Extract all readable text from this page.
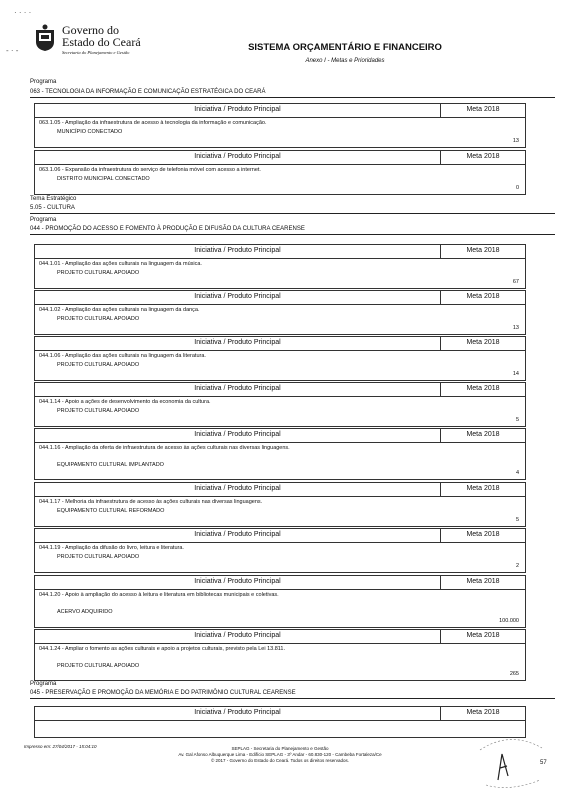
· · · ·
- · -
Governo do
Estado do Ceará
Secretaria do Planejamento e Gestão	SISTEMA ORÇAMENTÁRIO E FINANCEIRO
Anexo I - Metas e Prioridades
Programa
063 - TECNOLOGIA DA INFORMAÇÃO E COMUNICAÇÃO ESTRATÉGICA DO CEARÁ
Iniciativa / Produto Principal	Meta 2018
063.1.05 - Ampliação da infraestrutura de acesso à tecnologia da informação e comunicação.
MUNICÍPIO CONECTADO
13
Iniciativa / Produto Principal	Meta 2018
063.1.06 - Expansão da infraestrutura do serviço de telefonia móvel com acesso a internet.
DISTRITO MUNICIPAL CONECTADO
0
Tema Estratégico
5.05 - CULTURA
Programa
044 - PROMOÇÃO DO ACESSO E FOMENTO À PRODUÇÃO E DIFUSÃO DA CULTURA CEARENSE
Iniciativa / Produto Principal	Meta 2018
044.1.01 - Ampliação das ações culturais na linguagem da música.
PROJETO CULTURAL APOIADO
67
Iniciativa / Produto Principal	Meta 2018
044.1.02 - Ampliação das ações culturais na linguagem da dança.
PROJETO CULTURAL APOIADO
13
Iniciativa / Produto Principal	Meta 2018
044.1.06 - Ampliação das ações culturais na linguagem da literatura.
PROJETO CULTURAL APOIADO
14
Iniciativa / Produto Principal	Meta 2018
044.1.14 - Apoio a ações de desenvolvimento da economia da cultura.
PROJETO CULTURAL APOIADO
5
Iniciativa / Produto Principal	Meta 2018
044.1.16 - Ampliação da oferta de infraestrutura de acesso às ações culturais nas diversas linguagens.
EQUIPAMENTO CULTURAL IMPLANTADO
4
Iniciativa / Produto Principal	Meta 2018
044.1.17 - Melhoria da infraestrutura de acesso às ações culturais nas diversas linguagens.
EQUIPAMENTO CULTURAL REFORMADO
5
Iniciativa / Produto Principal	Meta 2018
044.1.19 - Ampliação da difusão do livro, leitura e literatura.
PROJETO CULTURAL APOIADO
2
Iniciativa / Produto Principal	Meta 2018
044.1.20 - Apoio à ampliação do acesso à leitura e literatura em bibliotecas municipais e coletivas.
ACERVO ADQUIRIDO
100.000
Iniciativa / Produto Principal	Meta 2018
044.1.24 - Ampliar o fomento as ações culturais e apoio a projetos culturais, previsto pela Lei 13.811.
PROJETO CULTURAL APOIADO
265
Programa
045 - PRESERVAÇÃO E PROMOÇÃO DA MEMÓRIA E DO PATRIMÔNIO CULTURAL CEARENSE
Iniciativa / Produto Principal	Meta 2018
Impresso em: 27/04/2017 - 15:04:10	SEPLAG - Secretaria do Planejamento e Gestão
Av. Gal Afonso Albuquerque Lima - Edifício SEPLAG - 3º Andar - 60.830-120 - Cambeba Fortaleza/Ce
© 2017 - Governo do Estado do Ceará. Todos os direitos reservados.	57
